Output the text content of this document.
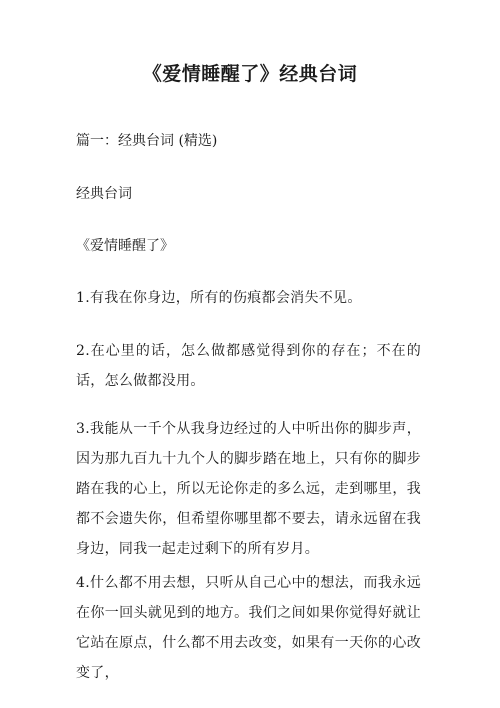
《爱情睡醒了》经典台词
篇一：经典台词 (精选)
经典台词
《爱情睡醒了》
1.有我在你身边，所有的伤痕都会消失不见。
2.在心里的话，怎么做都感觉得到你的存在；不在的话，怎么做都没用。
3.我能从一千个从我身边经过的人中听出你的脚步声，因为那九百九十九个人的脚步踏在地上，只有你的脚步踏在我的心上，所以无论你走的多么远，走到哪里，我都不会遗失你，但希望你哪里都不要去，请永远留在我身边，同我一起走过剩下的所有岁月。
4.什么都不用去想，只听从自己心中的想法，而我永远在你一回头就见到的地方。我们之间如果你觉得好就让它站在原点，什么都不用去改变，如果有一天你的心改变了，
